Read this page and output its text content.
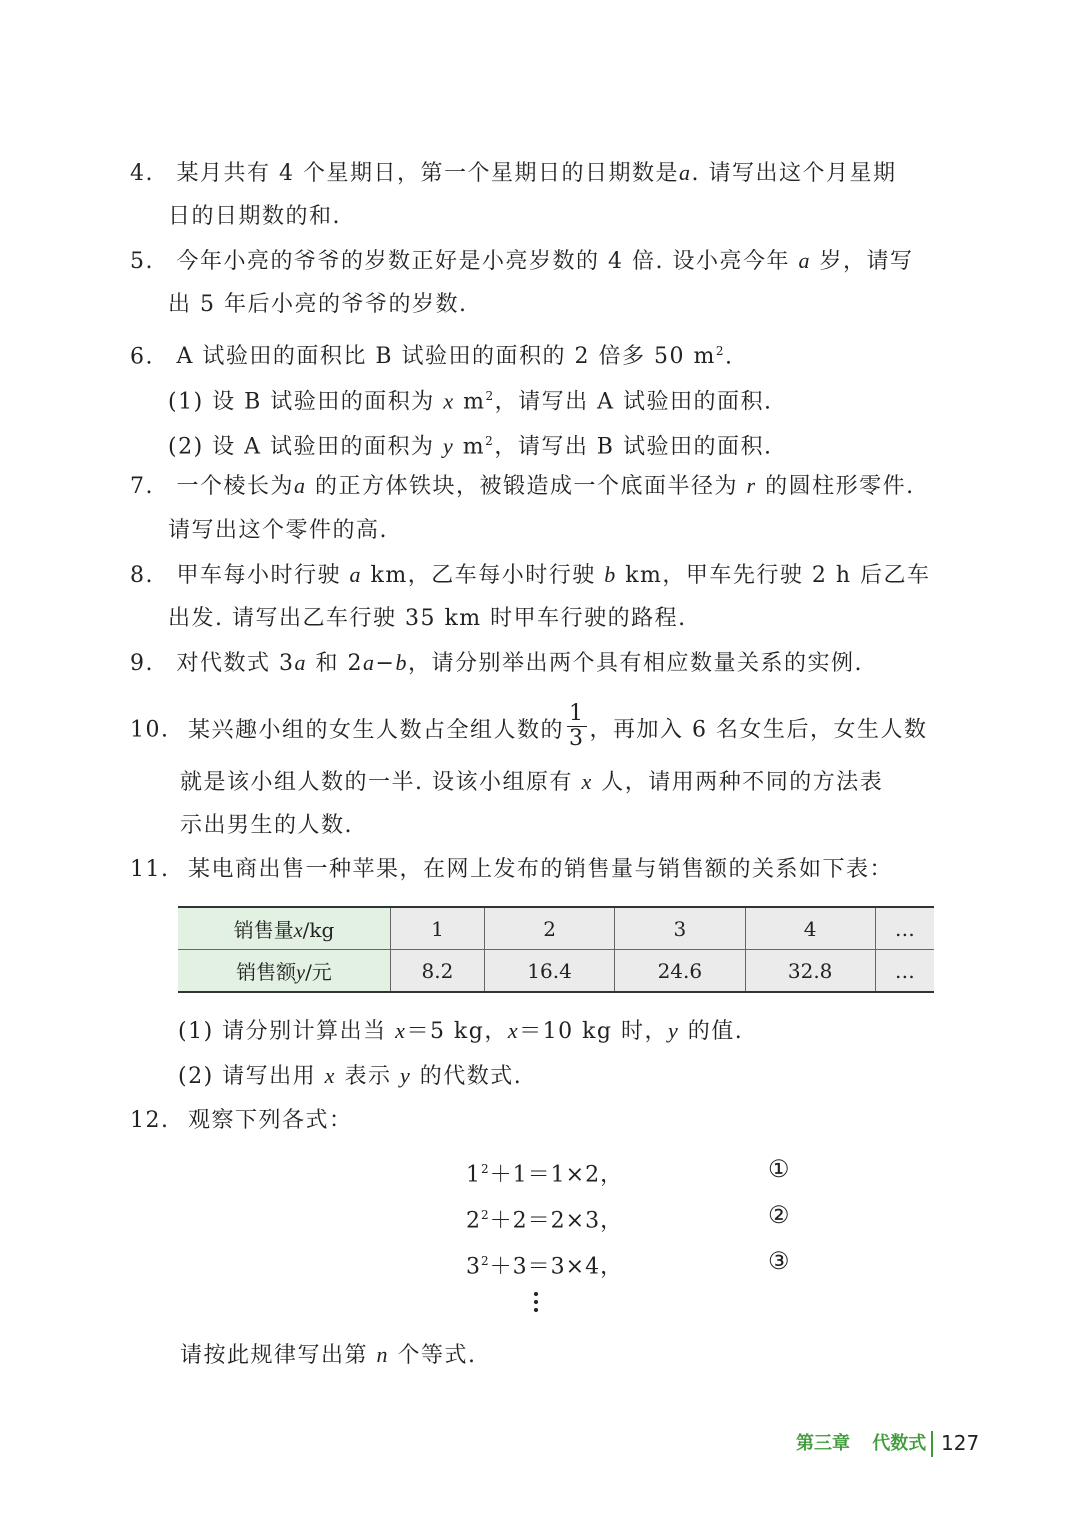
4. 某月共有 4 个星期日，第一个星期日的日期数是a. 请写出这个月星期
日的日期数的和.
5. 今年小亮的爷爷的岁数正好是小亮岁数的 4 倍. 设小亮今年 a 岁，请写
出 5 年后小亮的爷爷的岁数.
6. A 试验田的面积比 B 试验田的面积的 2 倍多 50 $m^2$.
(1) 设 B 试验田的面积为 x $m^2$，请写出 A 试验田的面积.
(2) 设 A 试验田的面积为 y $m^2$，请写出 B 试验田的面积.
7. 一个棱长为a 的正方体铁块，被锻造成一个底面半径为 r 的圆柱形零件.
请写出这个零件的高.
8. 甲车每小时行驶 a km，乙车每小时行驶 b km，甲车先行驶 2 h 后乙车
出发. 请写出乙车行驶 35 km 时甲车行驶的路程.
9. 对代数式 3a 和 2a−b，请分别举出两个具有相应数量关系的实例.
10. 某兴趣小组的女生人数占全组人数的 $\frac{1}{3}$ ，再加入 6 名女生后，女生人数
就是该小组人数的一半. 设该小组原有 x 人，请用两种不同的方法表
示出男生的人数.
11. 某电商出售一种苹果，在网上发布的销售量与销售额的关系如下表：
销售量x/kg	1	2	3	4	…
销售额y/元	8.2	16.4	24.6	32.8	…
(1) 请分别计算出当 x＝5 kg，x＝10 kg 时，y 的值.
(2) 请写出用 x 表示 y 的代数式.
12. 观察下列各式：
$1^2+1=1\times 2$，	①
$2^2+2=2\times 3$，	②
$3^2+3=3\times 4$，	③
请按此规律写出第 n 个等式.
第三章 代数式 127
